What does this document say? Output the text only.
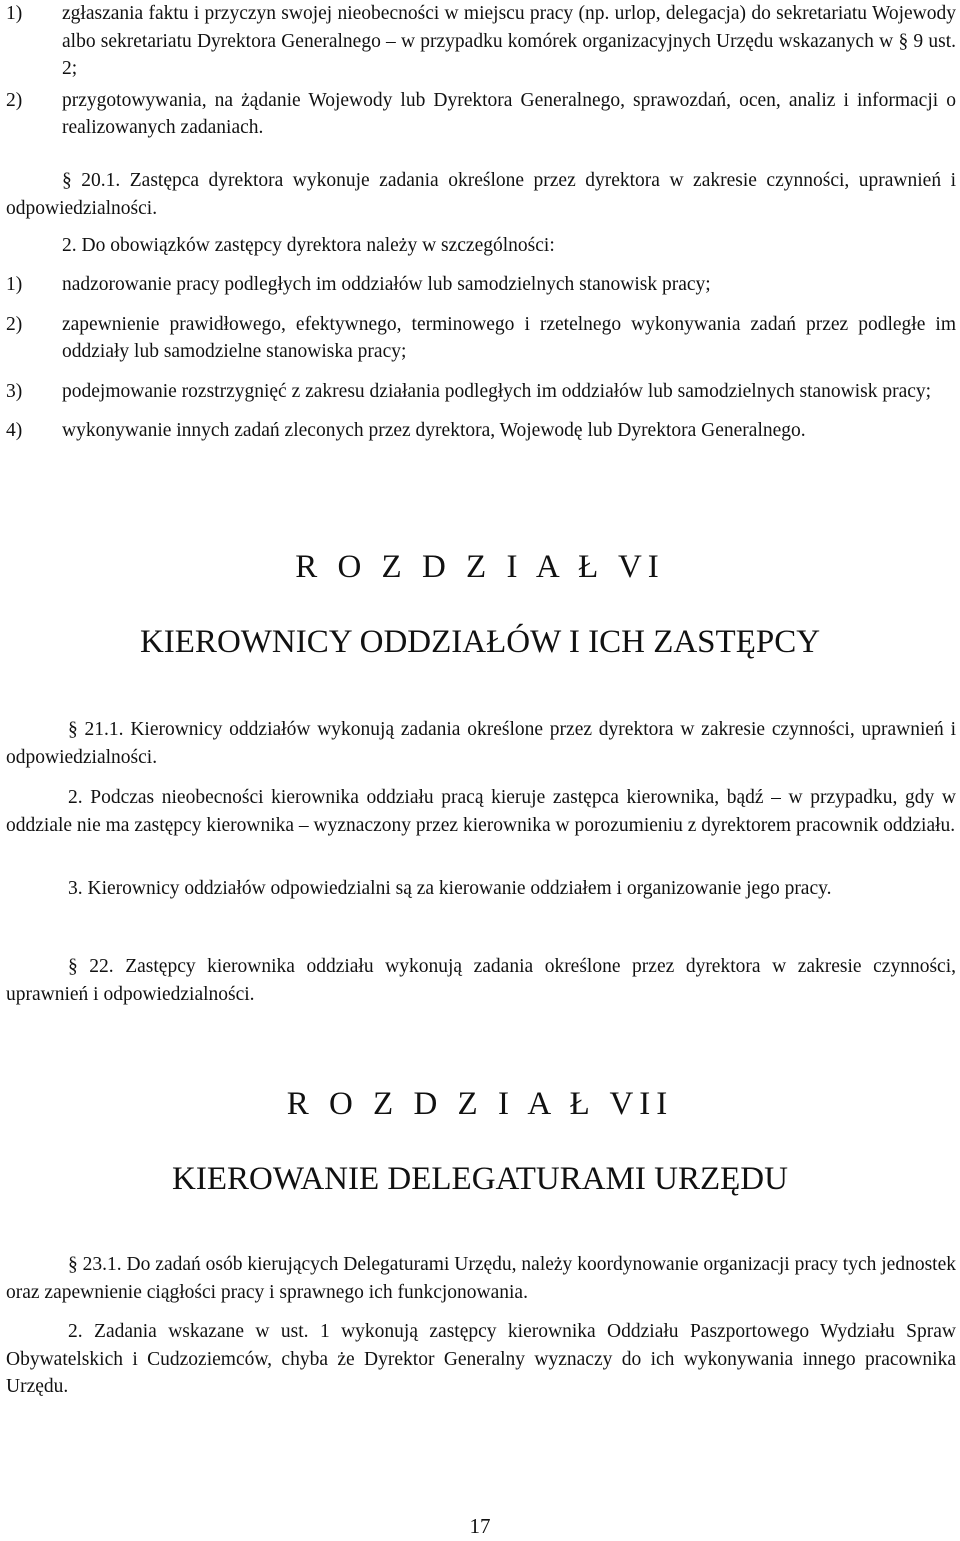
1)	zgłaszania faktu i przyczyn swojej nieobecności w miejscu pracy (np. urlop, delegacja) do sekretariatu Wojewody albo sekretariatu Dyrektora Generalnego – w przypadku komórek organizacyjnych Urzędu wskazanych w § 9 ust. 2;
2)	przygotowywania, na żądanie Wojewody lub Dyrektora Generalnego, sprawozdań, ocen, analiz i informacji o realizowanych zadaniach.
§ 20.1. Zastępca dyrektora wykonuje zadania określone przez dyrektora w zakresie czynności, uprawnień i odpowiedzialności.
2. Do obowiązków zastępcy dyrektora należy w szczególności:
1)	nadzorowanie pracy podległych im oddziałów lub samodzielnych stanowisk pracy;
2)	zapewnienie prawidłowego, efektywnego, terminowego i rzetelnego wykonywania zadań przez podległe im oddziały lub samodzielne stanowiska pracy;
3)	podejmowanie rozstrzygnięć z zakresu działania podległych im oddziałów lub samodzielnych stanowisk pracy;
4)	wykonywanie innych zadań zleconych przez dyrektora, Wojewodę lub Dyrektora Generalnego.
R O Z D Z I A Ł VI
KIEROWNICY ODDZIAŁÓW I ICH ZASTĘPCY
§ 21.1. Kierownicy oddziałów wykonują zadania określone przez dyrektora w zakresie czynności, uprawnień i odpowiedzialności.
2. Podczas nieobecności kierownika oddziału pracą kieruje zastępca kierownika, bądź – w przypadku, gdy w oddziale nie ma zastępcy kierownika – wyznaczony przez kierownika w porozumieniu z dyrektorem pracownik oddziału.
3. Kierownicy oddziałów odpowiedzialni są za kierowanie oddziałem i organizowanie jego pracy.
§ 22. Zastępcy kierownika oddziału wykonują zadania określone przez dyrektora w zakresie czynności, uprawnień i odpowiedzialności.
R O Z D Z I A Ł VII
KIEROWANIE DELEGATURAMI URZĘDU
§ 23.1. Do zadań osób kierujących Delegaturami Urzędu, należy koordynowanie organizacji pracy tych jednostek oraz zapewnienie ciągłości pracy i sprawnego ich funkcjonowania.
2. Zadania wskazane w ust. 1 wykonują zastępcy kierownika Oddziału Paszportowego Wydziału Spraw Obywatelskich i Cudzoziemców, chyba że Dyrektor Generalny wyznaczy do ich wykonywania innego pracownika Urzędu.
17
